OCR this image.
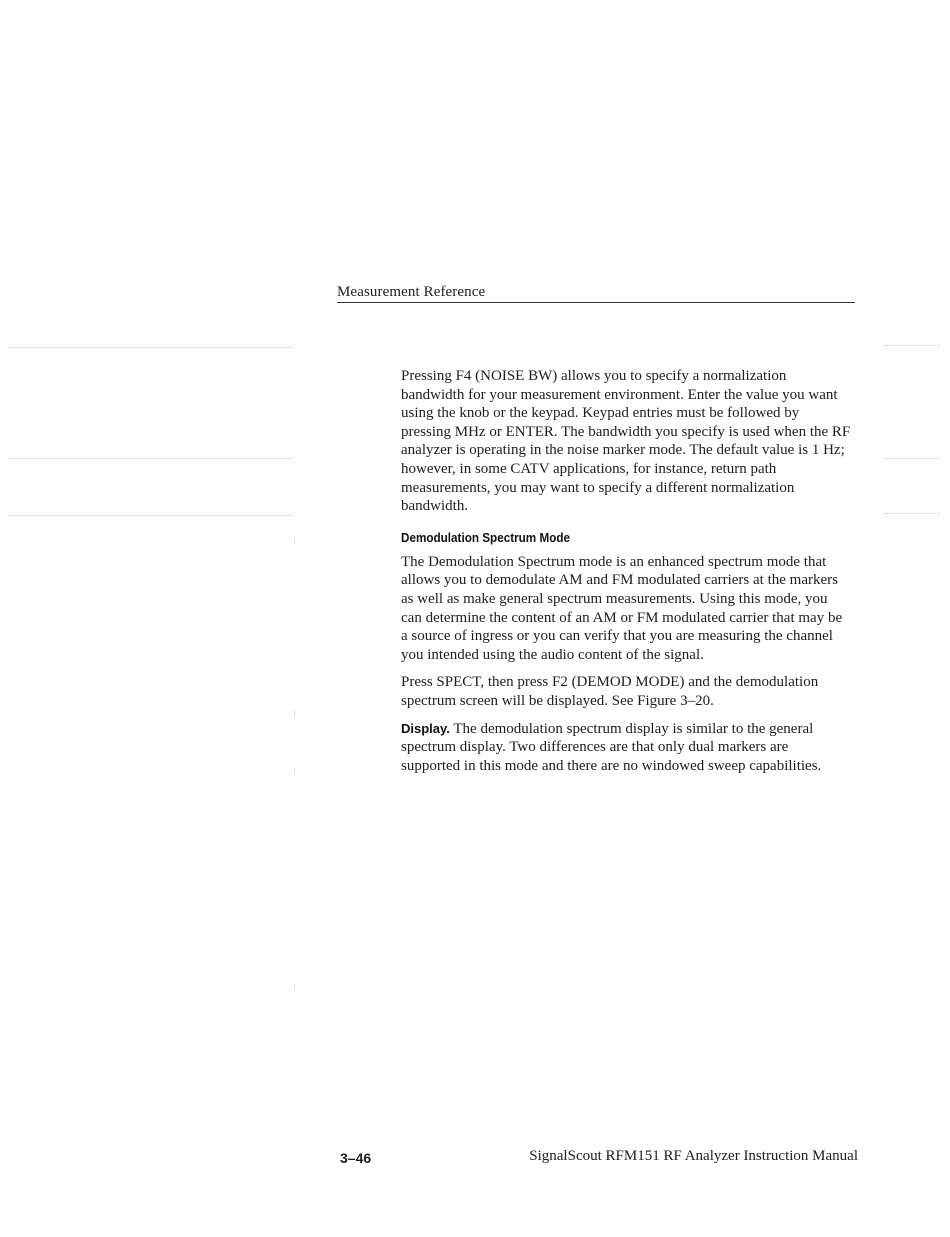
Measurement Reference

Pressing F4 (NOISE BW) allows you to specify a normalization bandwidth for your measurement environment. Enter the value you want using the knob or the keypad. Keypad entries must be followed by pressing MHz or ENTER. The bandwidth you specify is used when the RF analyzer is operating in the noise marker mode. The default value is 1 Hz; however, in some CATV applications, for instance, return path measurements, you may want to specify a different normalization bandwidth.

Demodulation Spectrum Mode

The Demodulation Spectrum mode is an enhanced spectrum mode that allows you to demodulate AM and FM modulated carriers at the markers as well as make general spectrum measurements. Using this mode, you can determine the content of an AM or FM modulated carrier that may be a source of ingress or you can verify that you are measuring the channel you intended using the audio content of the signal.

Press SPECT, then press F2 (DEMOD MODE) and the demodulation spectrum screen will be displayed. See Figure 3–20.

Display. The demodulation spectrum display is similar to the general spectrum display. Two differences are that only dual markers are supported in this mode and there are no windowed sweep capabilities.

3–46	SignalScout RFM151 RF Analyzer Instruction Manual
